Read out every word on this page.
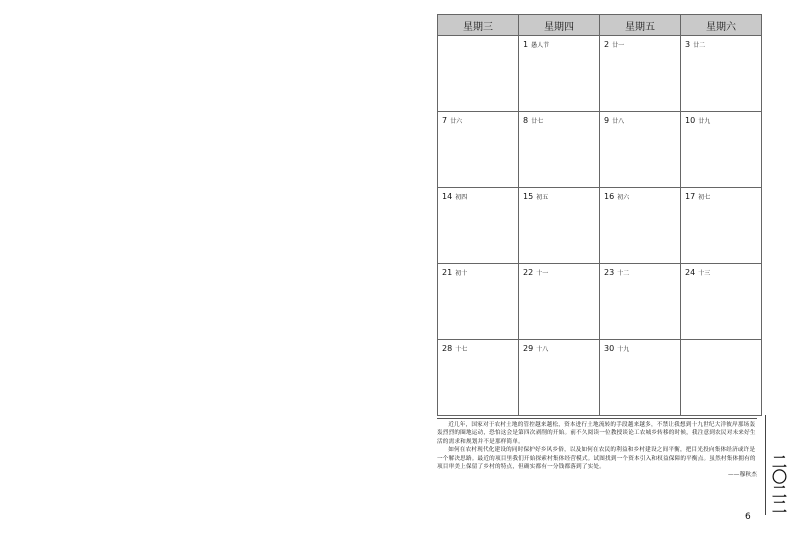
星期三	星期四	星期五	星期六

	1 愚人节	2 廿一	3 廿二

7 廿六	8 廿七	9 廿八	10 廿九

14 初四	15 初五	16 初六	17 初七

21 初十	22 十一	23 十二	24 十三

28 十七	29 十八	30 十九	

近几年，国家对于农村土地的管控越来越松，资本进行土地流转的手段越来越多，不禁让我想到十九世纪大洋彼岸那场轰轰烈烈的圈地运动，恐怕这会是第四次剥削的开始。前不久阅读一位教授谈论工农城乡转移的时候，我注意到农民对未来好生活的需求和规划并不是那样简单。

如何在农村现代化建设的同时保护好乡风乡俗，以及如何在农民的利益和乡村建设之间平衡，把目光投向集体经济或许是一个解决思路。最近的项目里我们开始探索村集体经营模式。试图找到一个资本引入和权益保障的平衡点。虽然村集体拥有的项目审美上保留了乡村的特点，但确实都有一分钱都落到了实处。

——穆秋杰 二〇二二
6
